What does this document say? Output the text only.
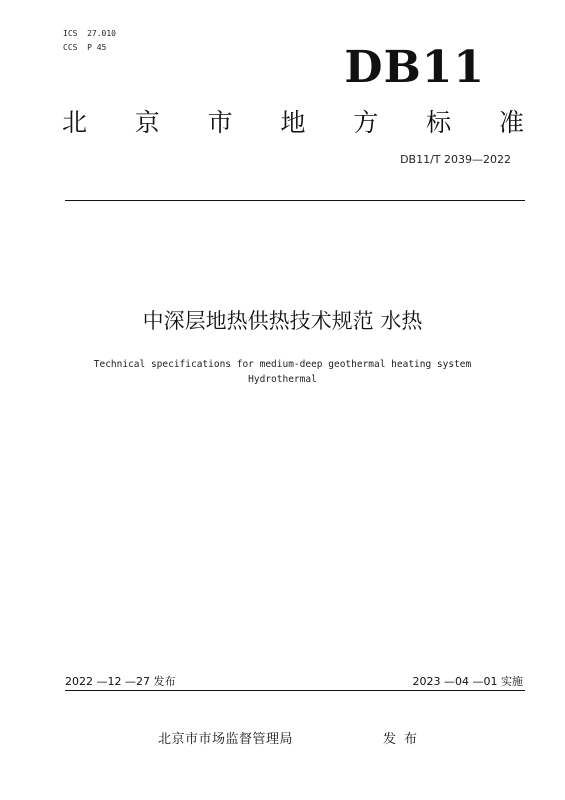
ICS  27.010
CCS  P 45	DB11
北 京 市 地 方 标 准
DB11/T 2039—2022
中深层地热供热技术规范 水热
Technical specifications for medium-deep geothermal heating system
Hydrothermal
2022 —12 —27 发布	2023 —04 —01 实施
北京市市场监督管理局	发布
